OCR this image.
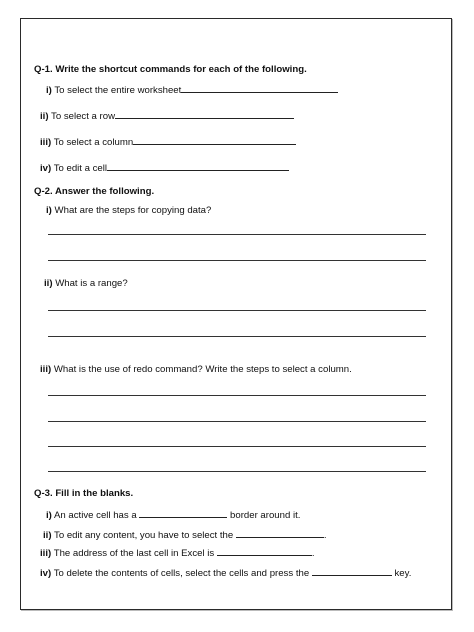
Q-1. Write the shortcut commands for each of the following.
i) To select the entire worksheet
ii) To select a row
iii) To select a column
iv) To edit a cell
Q-2. Answer the following.
i) What are the steps for copying data?
ii) What is a range?
iii) What is the use of redo command? Write the steps to select a column.
Q-3. Fill in the blanks.
i) An active cell has a	border around it.
ii) To edit any content, you have to select the	.
iii) The address of the last cell in Excel is	.
iv) To delete the contents of cells, select the cells and press the	key.
